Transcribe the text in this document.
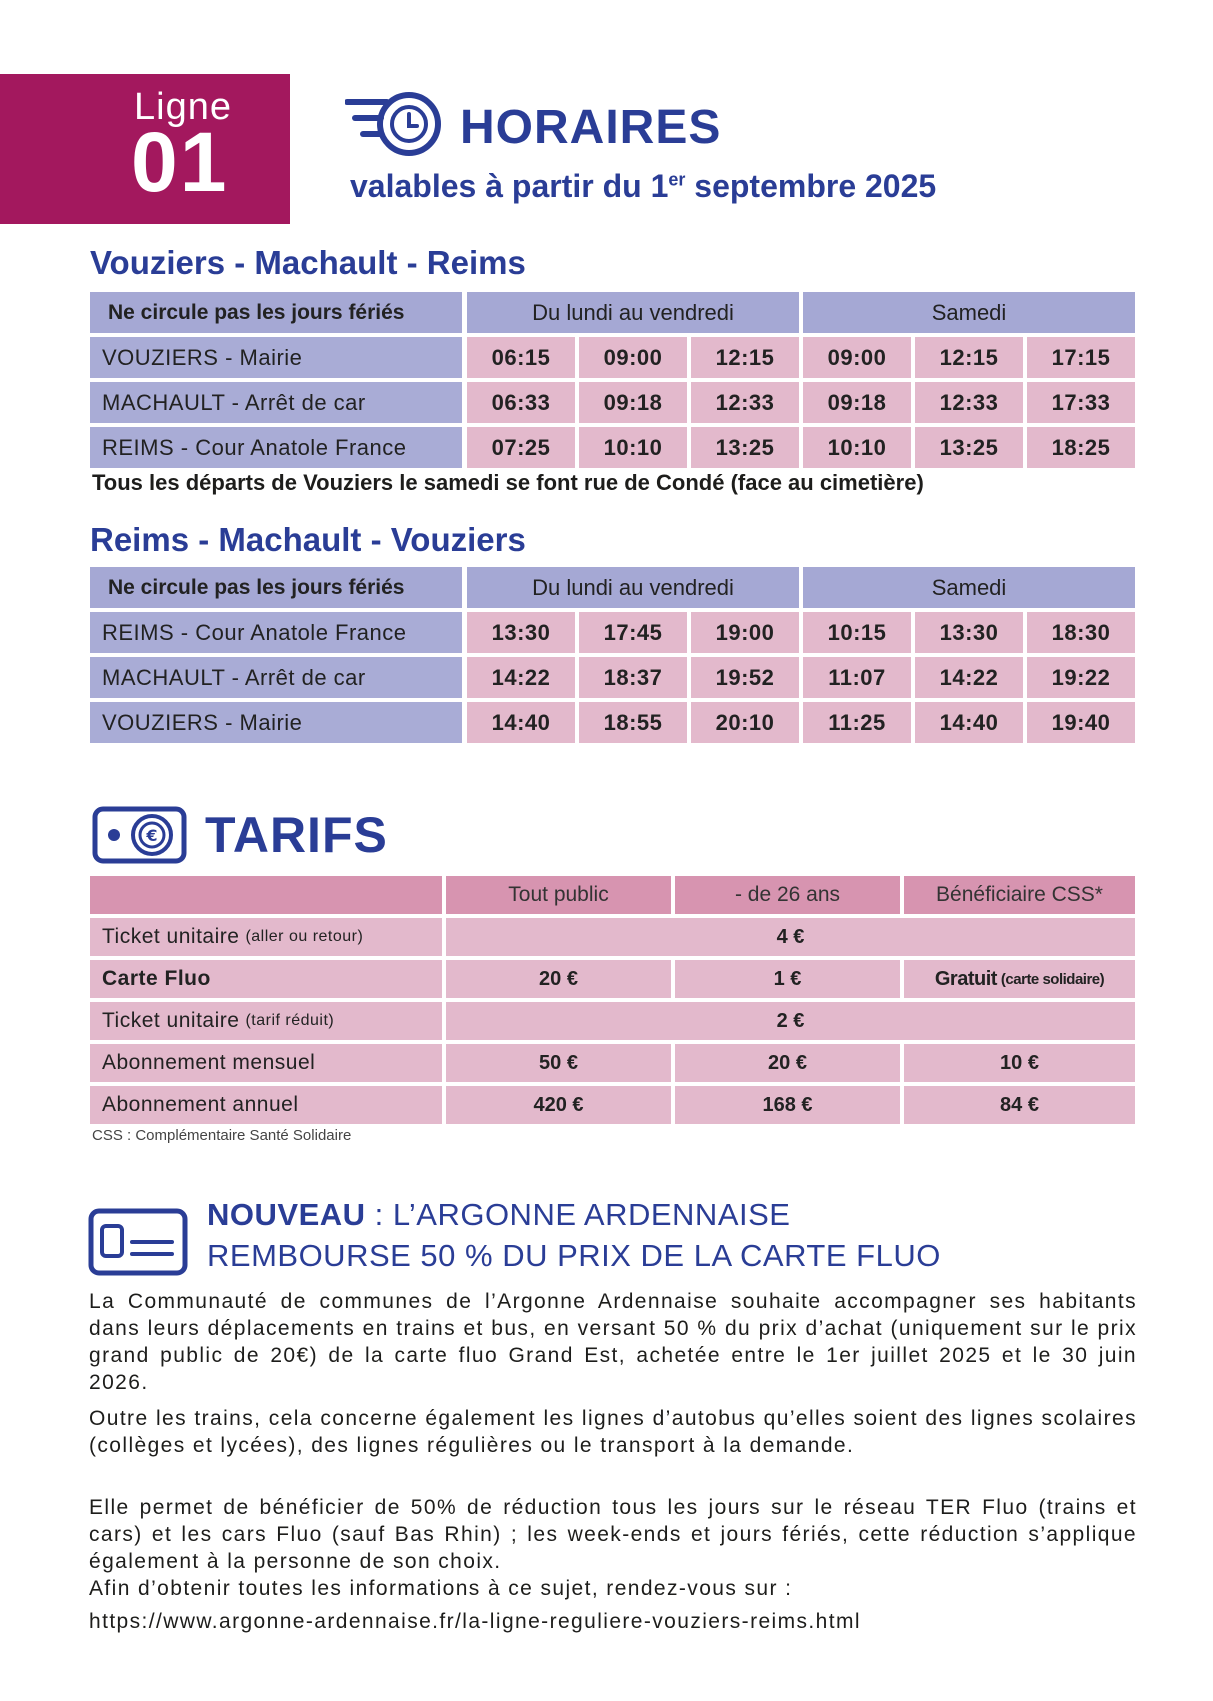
Ligne
01	HORAIRES
valables à partir du 1er septembre 2025
Vouziers - Machault - Reims
Ne circule pas les jours fériés	Du lundi au vendredi	Samedi
VOUZIERS - Mairie	06:15	09:00	12:15	09:00	12:15	17:15
MACHAULT - Arrêt de car	06:33	09:18	12:33	09:18	12:33	17:33
REIMS - Cour Anatole France	07:25	10:10	13:25	10:10	13:25	18:25
Tous les départs de Vouziers le samedi se font rue de Condé (face au cimetière)
Reims - Machault - Vouziers
Ne circule pas les jours fériés	Du lundi au vendredi	Samedi
REIMS - Cour Anatole France	13:30	17:45	19:00	10:15	13:30	18:30
MACHAULT - Arrêt de car	14:22	18:37	19:52	11:07	14:22	19:22
VOUZIERS - Mairie	14:40	18:55	20:10	11:25	14:40	19:40
€ TARIFS
Tout public	- de 26 ans	Bénéficiaire CSS*
Ticket unitaire (aller ou retour)	4 €
Carte Fluo	20 €	1 €	Gratuit (carte solidaire)
Ticket unitaire (tarif réduit)	2 €
Abonnement mensuel	50 €	20 €	10 €
Abonnement annuel	420 €	168 €	84 €
CSS : Complémentaire Santé Solidaire
NOUVEAU : L’ARGONNE ARDENNAISE
REMBOURSE 50 % DU PRIX DE LA CARTE FLUO
La Communauté de communes de l’Argonne Ardennaise souhaite accompagner ses habitants dans leurs déplacements en trains et bus, en versant 50 % du prix d’achat (uniquement sur le prix grand public de 20€) de la carte fluo Grand Est, achetée entre le 1er juillet 2025 et le 30 juin 2026.
Outre les trains, cela concerne également les lignes d’autobus qu’elles soient des lignes scolaires (collèges et lycées), des lignes régulières ou le transport à la demande.
Elle permet de bénéficier de 50% de réduction tous les jours sur le réseau TER Fluo (trains et cars) et les cars Fluo (sauf Bas Rhin) ; les week-ends et jours fériés, cette réduction s’applique également à la personne de son choix.
Afin d’obtenir toutes les informations à ce sujet, rendez-vous sur :
https://www.argonne-ardennaise.fr/la-ligne-reguliere-vouziers-reims.html
